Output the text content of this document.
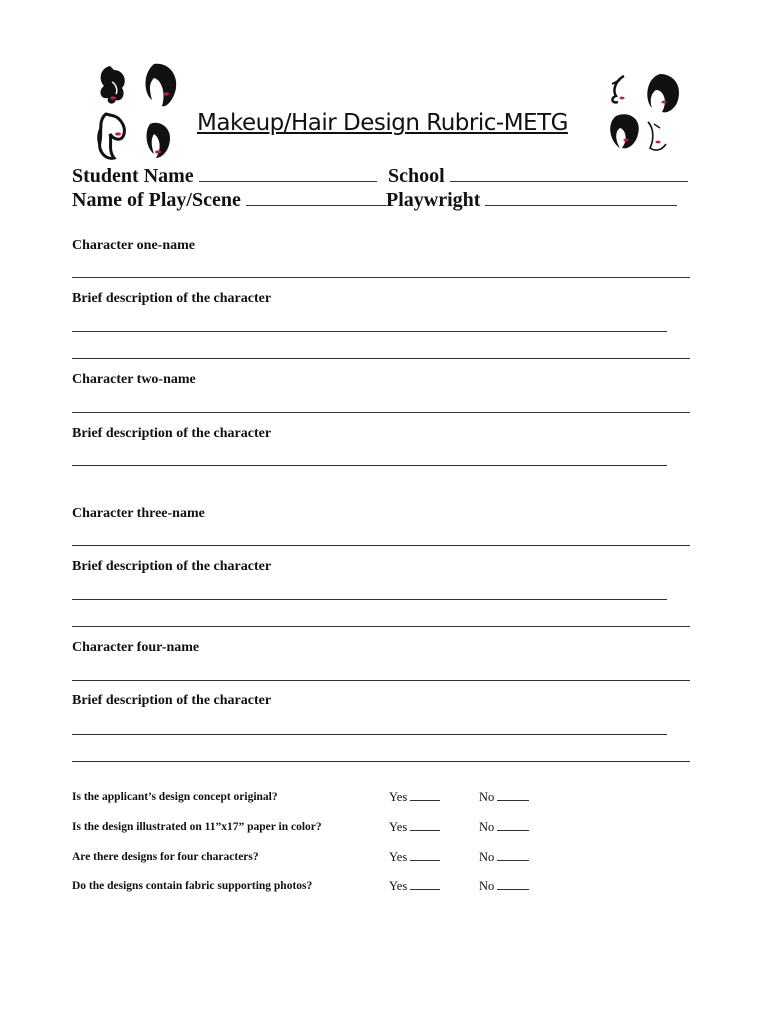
Makeup/Hair Design Rubric-METG
Student Name	School
Name of Play/Scene	Playwright
Character one-name
Brief description of the character
Character two-name
Brief description of the character
Character three-name
Brief description of the character
Character four-name
Brief description of the character
Is the applicant’s design concept original?	Yes	No
Is the design illustrated on 11”x17” paper in color?	Yes	No
Are there designs for four characters?	Yes	No
Do the designs contain fabric supporting photos?	Yes	No
